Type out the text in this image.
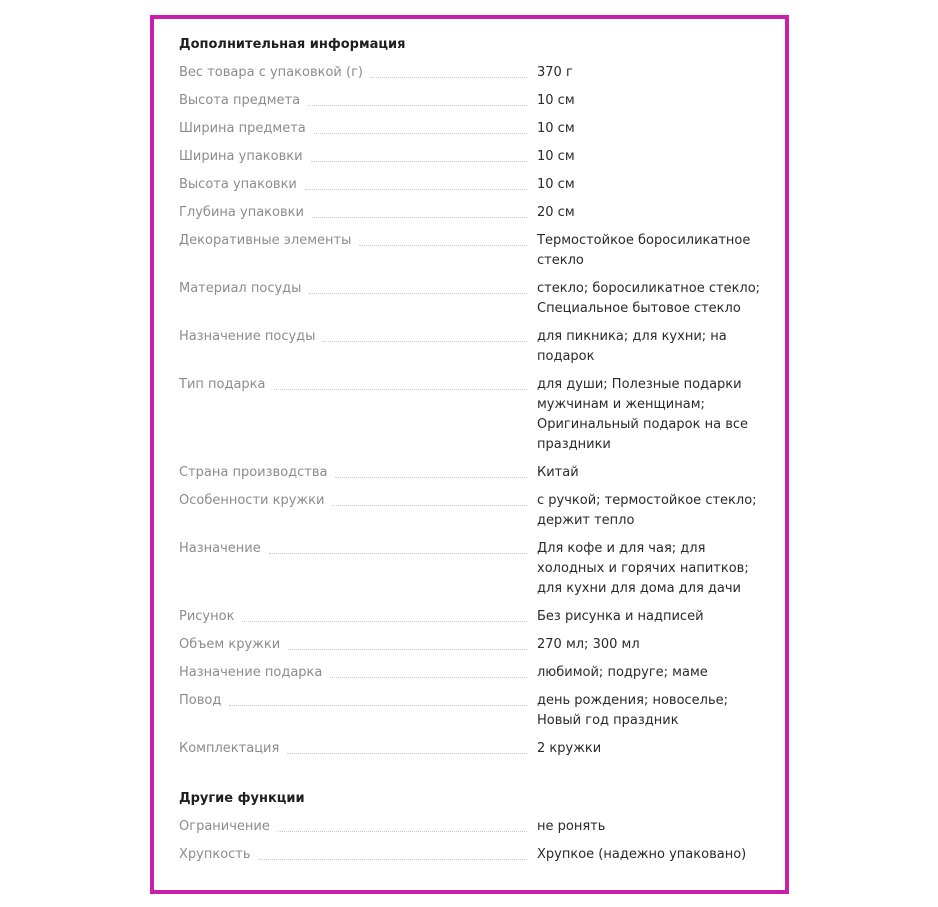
Дополнительная информация
Вес товара с упаковкой (г)	370 г
Высота предмета	10 см
Ширина предмета	10 см
Ширина упаковки	10 см
Высота упаковки	10 см
Глубина упаковки	20 см
Декоративные элементы	Термостойкое боросиликатное стекло
Материал посуды	стекло; боросиликатное стекло; Специальное бытовое стекло
Назначение посуды	для пикника; для кухни; на подарок
Тип подарка	для души; Полезные подарки мужчинам и женщинам; Оригинальный подарок на все праздники
Страна производства	Китай
Особенности кружки	с ручкой; термостойкое стекло; держит тепло
Назначение	Для кофе и для чая; для холодных и горячих напитков; для кухни для дома для дачи
Рисунок	Без рисунка и надписей
Объем кружки	270 мл; 300 мл
Назначение подарка	любимой; подруге; маме
Повод	день рождения; новоселье; Новый год праздник
Комплектация	2 кружки
Другие функции
Ограничение	не ронять
Хрупкость	Хрупкое (надежно упаковано)
